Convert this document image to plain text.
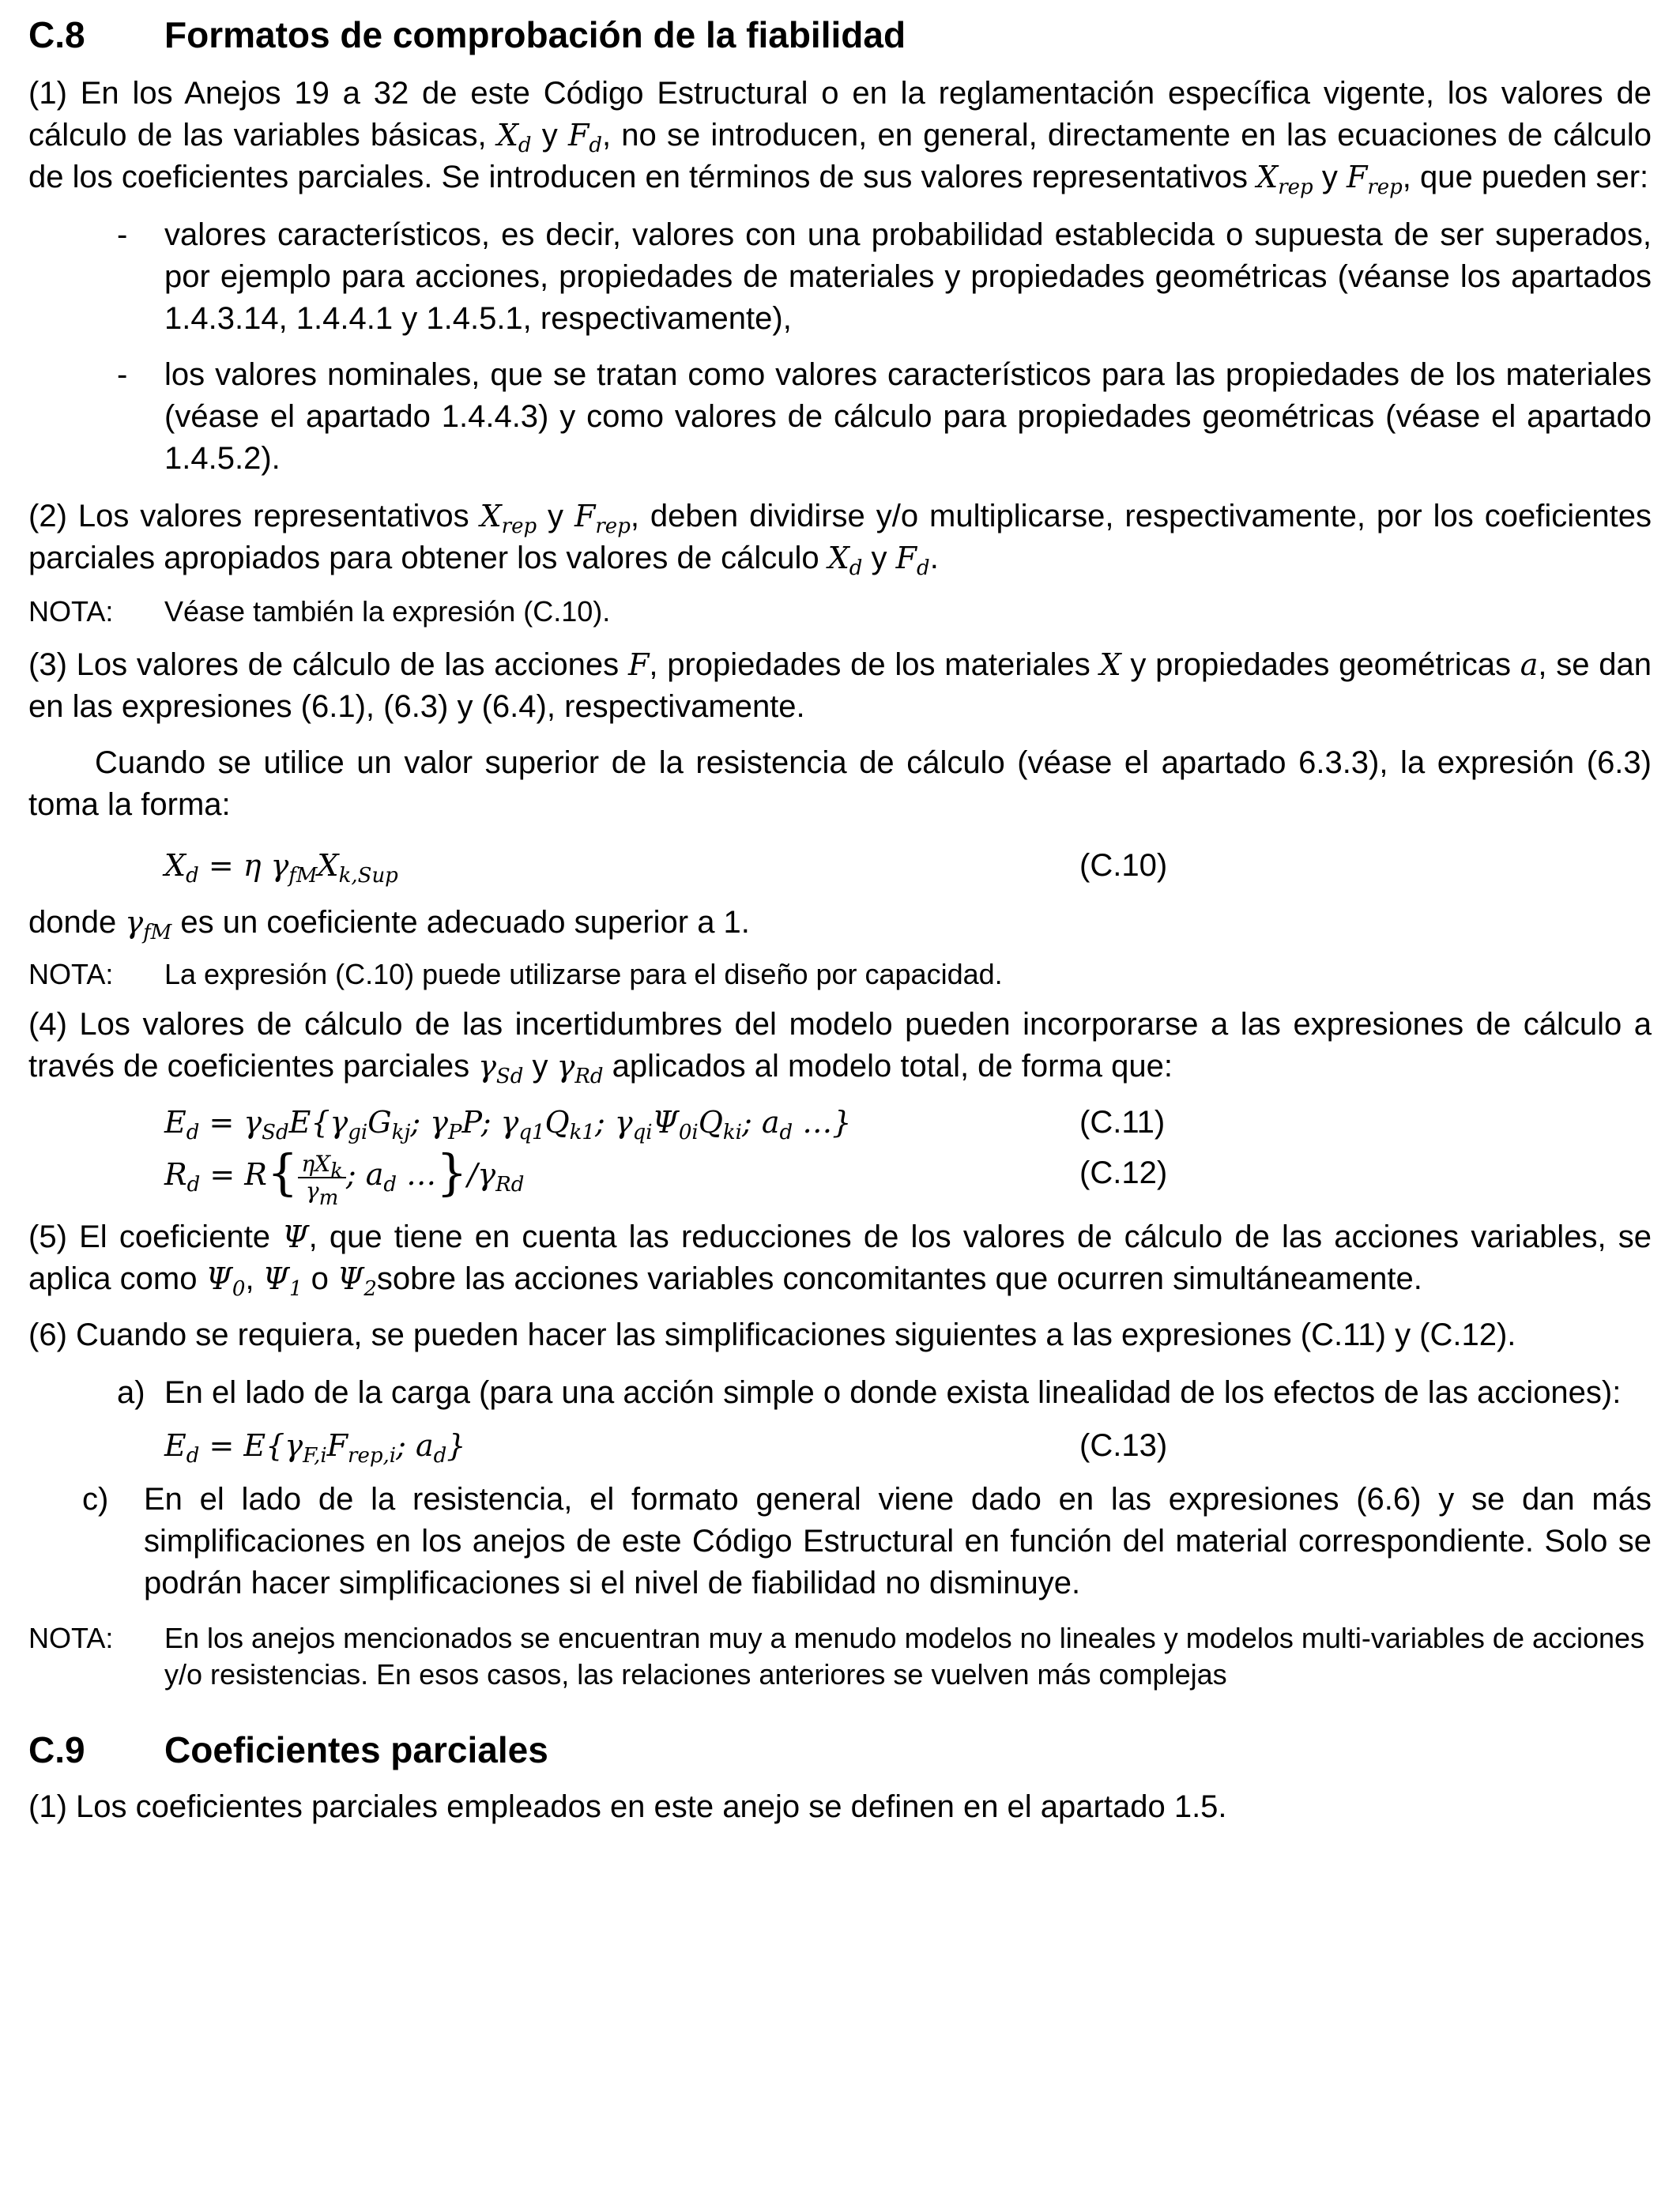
C.8	Formatos de comprobación de la fiabilidad

(1) En los Anejos 19 a 32 de este Código Estructural o en la reglamentación específica vigente, los valores de cálculo de las variables básicas, $X_d$ y $F_d$, no se introducen, en general, directamente en las ecuaciones de cálculo de los coeficientes parciales. Se introducen en términos de sus valores representativos $X_{rep}$ y $F_{rep}$, que pueden ser:

-	valores característicos, es decir, valores con una probabilidad establecida o supuesta de ser superados, por ejemplo para acciones, propiedades de materiales y propiedades geométricas (véanse los apartados 1.4.3.14, 1.4.4.1 y 1.4.5.1, respectivamente),
-	los valores nominales, que se tratan como valores característicos para las propiedades de los materiales (véase el apartado 1.4.4.3) y como valores de cálculo para propiedades geométricas (véase el apartado 1.4.5.2).

(2) Los valores representativos $X_{rep}$ y $F_{rep}$, deben dividirse y/o multiplicarse, respectivamente, por los coeficientes parciales apropiados para obtener los valores de cálculo $X_d$ y $F_d$.

NOTA:	Véase también la expresión (C.10).

(3) Los valores de cálculo de las acciones F, propiedades de los materiales X y propiedades geométricas a, se dan en las expresiones (6.1), (6.3) y (6.4), respectivamente.

Cuando se utilice un valor superior de la resistencia de cálculo (véase el apartado 6.3.3), la expresión (6.3) toma la forma:

$X_d = \eta$ $\gamma_{fM}X_{k,Sup}$	(C.10)

donde $\gamma_{fM}$ es un coeficiente adecuado superior a 1.

NOTA:	La expresión (C.10) puede utilizarse para el diseño por capacidad.

(4) Los valores de cálculo de las incertidumbres del modelo pueden incorporarse a las expresiones de cálculo a través de coeficientes parciales $\gamma_{Sd}$ y $\gamma_{Rd}$ aplicados al modelo total, de forma que:

$E_d = \gamma_{Sd}E\{\gamma_{gi}G_{kj}$; $\gamma_PP$; $\gamma_{q1}Q_{k1}$; $\gamma_{qi}\Psi_{0i}Q_{ki}$; $a_d$ …}	(C.11)
$R_d = R\{ \frac{\eta X_k}{\gamma_m}$ ; $a_d$ $\dots\}/\gamma_{Rd}$	(C.12)

(5) El coeficiente Ψ, que tiene en cuenta las reducciones de los valores de cálculo de las acciones variables, se aplica como $\Psi_0$, $\Psi_1$ o $\Psi_2sobre$ las acciones variables concomitantes que ocurren simultáneamente.

(6) Cuando se requiera, se pueden hacer las simplificaciones siguientes a las expresiones (C.11) y (C.12).

a) En el lado de la carga (para una acción simple o donde exista linealidad de los efectos de las acciones):
$E_d = E\{\gamma_{F,i}F_{rep,i}$; $a_d$}	(C.13)
c)	En el lado de la resistencia, el formato general viene dado en las expresiones (6.6) y se dan más simplificaciones en los anejos de este Código Estructural en función del material correspondiente. Solo se podrán hacer simplificaciones si el nivel de fiabilidad no disminuye.
NOTA:	En los anejos mencionados se encuentran muy a menudo modelos no lineales y modelos multi-variables de acciones y/o resistencias. En esos casos, las relaciones anteriores se vuelven más complejas
C.9	Coeficientes parciales

(1) Los coeficientes parciales empleados en este anejo se definen en el apartado 1.5.
